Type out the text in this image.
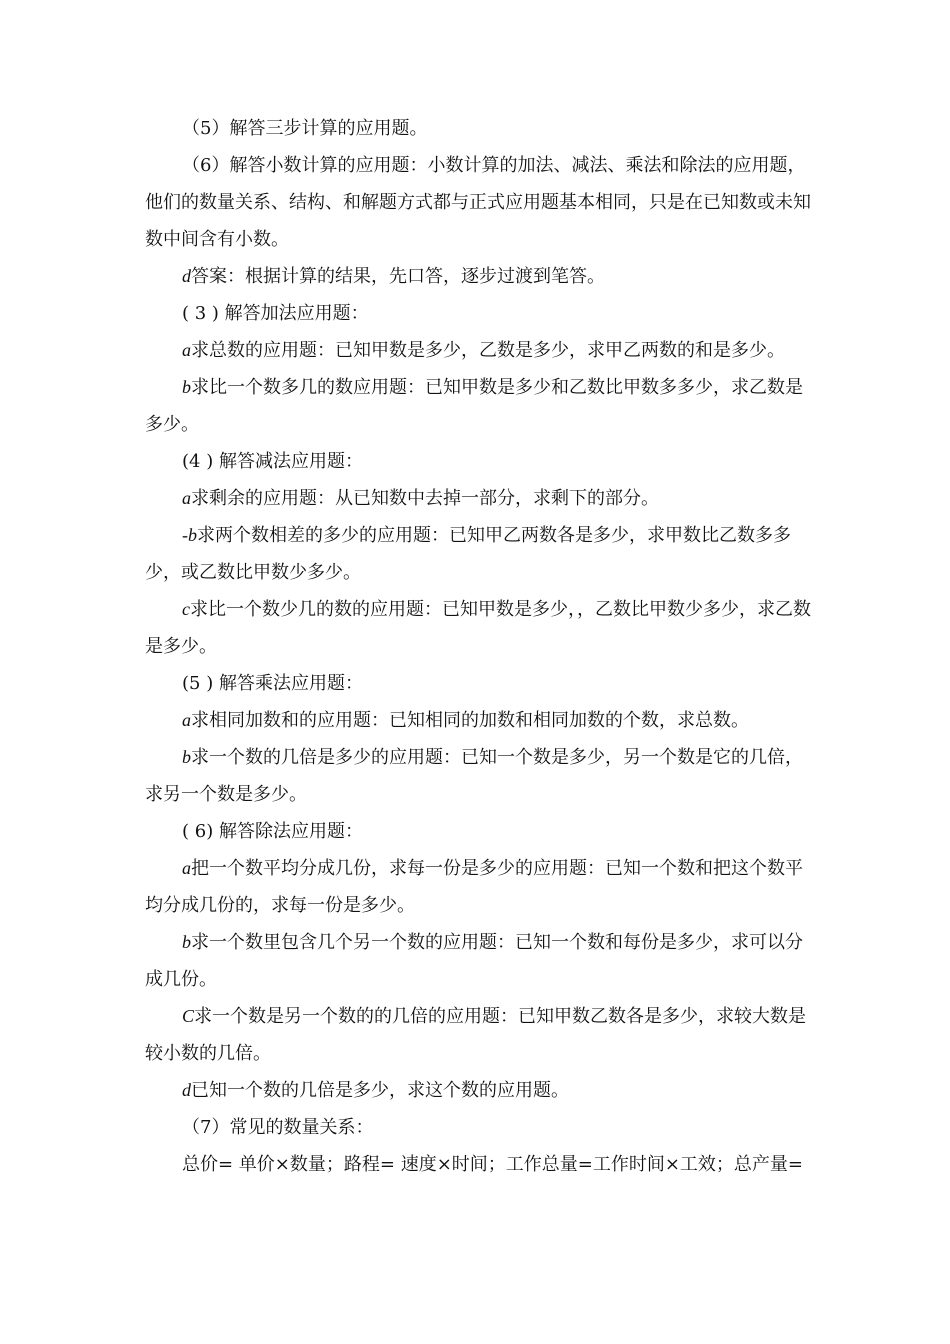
（5）解答三步计算的应用题。

（6）解答小数计算的应用题：小数计算的加法、减法、乘法和除法的应用题，他们的数量关系、结构、和解题方式都与正式应用题基本相同，只是在已知数或未知数中间含有小数。

d答案：根据计算的结果，先口答，逐步过渡到笔答。

( 3 ) 解答加法应用题：

a求总数的应用题：已知甲数是多少，乙数是多少，求甲乙两数的和是多少。

b求比一个数多几的数应用题：已知甲数是多少和乙数比甲数多多少，求乙数是多少。

(4 ) 解答减法应用题：

a求剩余的应用题：从已知数中去掉一部分，求剩下的部分。

-b求两个数相差的多少的应用题：已知甲乙两数各是多少，求甲数比乙数多多少，或乙数比甲数少多少。

c求比一个数少几的数的应用题：已知甲数是多少，，乙数比甲数少多少，求乙数是多少。

(5 ) 解答乘法应用题：

a求相同加数和的应用题：已知相同的加数和相同加数的个数，求总数。

b求一个数的几倍是多少的应用题：已知一个数是多少，另一个数是它的几倍，求另一个数是多少。

( 6) 解答除法应用题：

a把一个数平均分成几份，求每一份是多少的应用题：已知一个数和把这个数平均分成几份的，求每一份是多少。

b求一个数里包含几个另一个数的应用题：已知一个数和每份是多少，求可以分成几份。

C求一个数是另一个数的的几倍的应用题：已知甲数乙数各是多少，求较大数是较小数的几倍。

d已知一个数的几倍是多少，求这个数的应用题。

（7）常见的数量关系：

总价= 单价×数量；路程= 速度×时间；工作总量=工作时间×工效；总产量=
